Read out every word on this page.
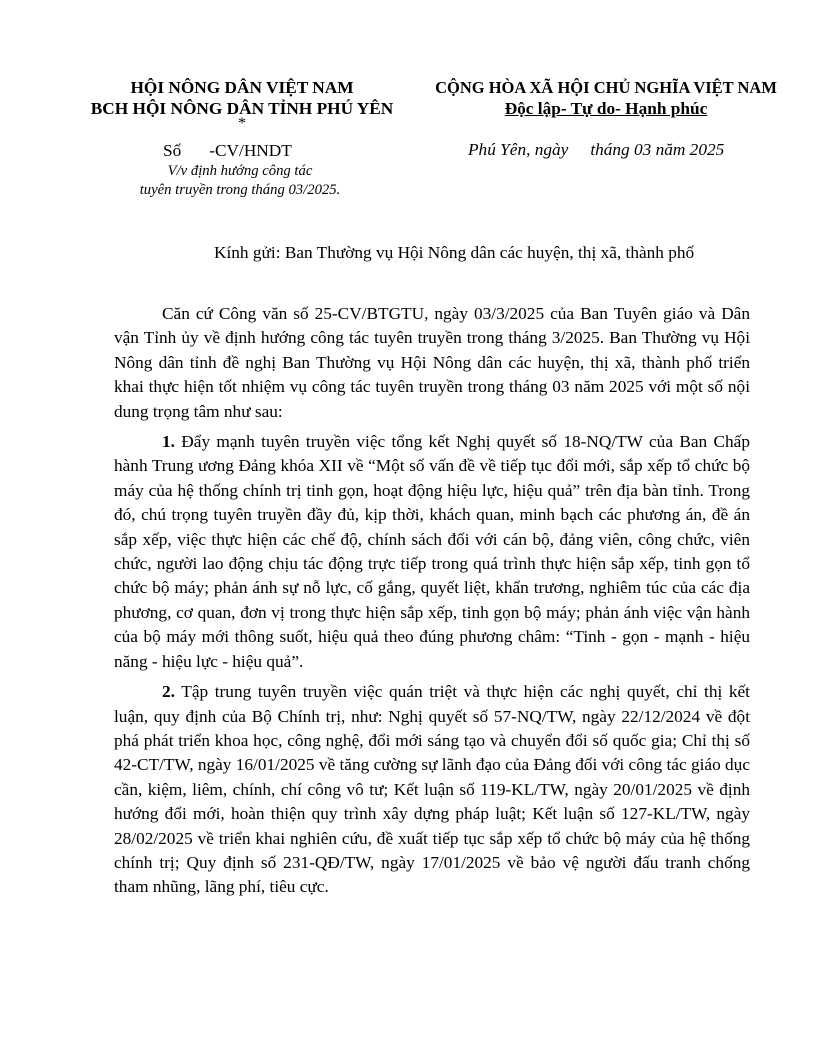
HỘI NÔNG DÂN VIỆT NAM
BCH HỘI NÔNG DÂN TỈNH PHÚ YÊN
*
CỘNG HÒA XÃ HỘI CHỦ NGHĨA VIỆT NAM
Độc lập- Tự do- Hạnh phúc
Số -CV/HNDT
V/v định hướng công tác
tuyên truyền trong tháng 03/2025.
Phú Yên, ngày tháng 03 năm 2025
Kính gửi: Ban Thường vụ Hội Nông dân các huyện, thị xã, thành phố

Căn cứ Công văn số 25-CV/BTGTU, ngày 03/3/2025 của Ban Tuyên giáo và Dân vận Tỉnh ủy về định hướng công tác tuyên truyền trong tháng 3/2025. Ban Thường vụ Hội Nông dân tỉnh đề nghị Ban Thường vụ Hội Nông dân các huyện, thị xã, thành phố triển khai thực hiện tốt nhiệm vụ công tác tuyên truyền trong tháng 03 năm 2025 với một số nội dung trọng tâm như sau:

1. Đẩy mạnh tuyên truyền việc tổng kết Nghị quyết số 18-NQ/TW của Ban Chấp hành Trung ương Đảng khóa XII về “Một số vấn đề về tiếp tục đổi mới, sắp xếp tổ chức bộ máy của hệ thống chính trị tinh gọn, hoạt động hiệu lực, hiệu quả” trên địa bàn tỉnh. Trong đó, chú trọng tuyên truyền đầy đủ, kịp thời, khách quan, minh bạch các phương án, đề án sắp xếp, việc thực hiện các chế độ, chính sách đối với cán bộ, đảng viên, công chức, viên chức, người lao động chịu tác động trực tiếp trong quá trình thực hiện sắp xếp, tinh gọn tổ chức bộ máy; phản ánh sự nỗ lực, cố gắng, quyết liệt, khẩn trương, nghiêm túc của các địa phương, cơ quan, đơn vị trong thực hiện sắp xếp, tinh gọn bộ máy; phản ánh việc vận hành của bộ máy mới thông suốt, hiệu quả theo đúng phương châm: “Tinh - gọn - mạnh - hiệu năng - hiệu lực - hiệu quả”.

2. Tập trung tuyên truyền việc quán triệt và thực hiện các nghị quyết, chỉ thị kết luận, quy định của Bộ Chính trị, như: Nghị quyết số 57-NQ/TW, ngày 22/12/2024 về đột phá phát triển khoa học, công nghệ, đổi mới sáng tạo và chuyển đổi số quốc gia; Chỉ thị số 42-CT/TW, ngày 16/01/2025 về tăng cường sự lãnh đạo của Đảng đối với công tác giáo dục cần, kiệm, liêm, chính, chí công vô tư; Kết luận số 119-KL/TW, ngày 20/01/2025 về định hướng đổi mới, hoàn thiện quy trình xây dựng pháp luật; Kết luận số 127-KL/TW, ngày 28/02/2025 về triển khai nghiên cứu, đề xuất tiếp tục sắp xếp tổ chức bộ máy của hệ thống chính trị; Quy định số 231-QĐ/TW, ngày 17/01/2025 về bảo vệ người đấu tranh chống tham nhũng, lãng phí, tiêu cực.
